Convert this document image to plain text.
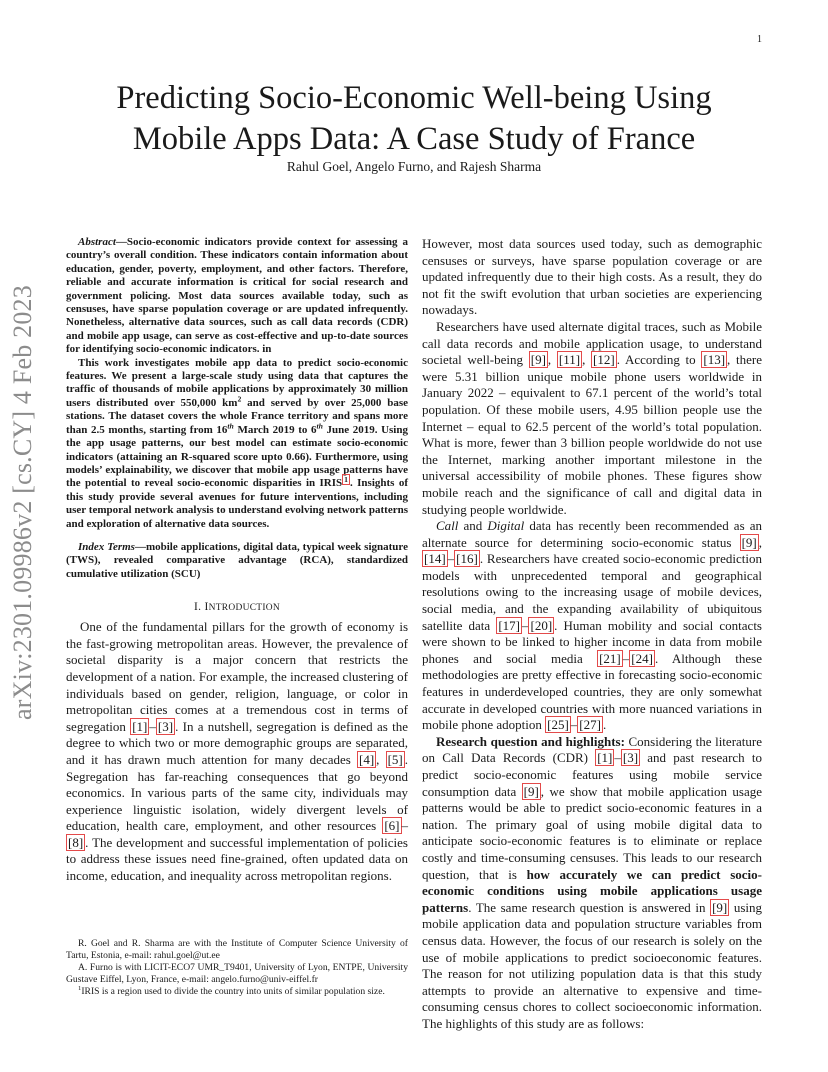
1
arXiv:2301.09986v2 [cs.CY] 4 Feb 2023
Predicting Socio-Economic Well-being Using
Mobile Apps Data: A Case Study of France
Rahul Goel, Angelo Furno, and Rajesh Sharma

Abstract—Socio-economic indicators provide context for assessing a country’s overall condition. These indicators contain information about education, gender, poverty, employment, and other factors. Therefore, reliable and accurate information is critical for social research and government policing. Most data sources available today, such as censuses, have sparse population coverage or are updated infrequently. Nonetheless, alternative data sources, such as call data records (CDR) and mobile app usage, can serve as cost-effective and up-to-date sources for identifying socio-economic indicators. in

This work investigates mobile app data to predict socio-economic features. We present a large-scale study using data that captures the traffic of thousands of mobile applications by approximately 30 million users distributed over 550,000 $km^2$ and served by over 25,000 base stations. The dataset covers the whole France territory and spans more than 2.5 months, starting from 16th March 2019 to 6th June 2019. Using the app usage patterns, our best model can estimate socio-economic indicators (attaining an R-squared score upto 0.66). Furthermore, using models’ explainability, we discover that mobile app usage patterns have the potential to reveal socio-economic disparities in IRIS $^1$ . Insights of this study provide several avenues for future interventions, including user temporal network analysis to understand evolving network patterns and exploration of alternative data sources.

Index Terms—mobile applications, digital data, typical week signature (TWS), revealed comparative advantage (RCA), standardized cumulative utilization (SCU)

I. INTRODUCTION

One of the fundamental pillars for the growth of economy is the fast-growing metropolitan areas. However, the prevalence of societal disparity is a major concern that restricts the development of a nation. For example, the increased clustering of individuals based on gender, religion, language, or color in metropolitan cities comes at a tremendous cost in terms of segregation [1] – [3] . In a nutshell, segregation is defined as the degree to which two or more demographic groups are separated, and it has drawn much attention for many decades [4] , [5] . Segregation has far-reaching consequences that go beyond economics. In various parts of the same city, individuals may experience linguistic isolation, widely divergent levels of education, health care, employment, and other resources [6] –[8] . The development and successful implementation of policies to address these issues need fine-grained, often updated data on income, education, and inequality across metropolitan regions.

R. Goel and R. Sharma are with the Institute of Computer Science University of Tartu, Estonia, e-mail: rahul.goel@ut.ee

A. Furno is with LICIT-ECO7 UMR_T9401, University of Lyon, ENTPE, University Gustave Eiffel, Lyon, France, e-mail: angelo.furno@univ-eiffel.fr

$^1$IRIS is a region used to divide the country into units of similar population size.

However, most data sources used today, such as demographic censuses or surveys, have sparse population coverage or are updated infrequently due to their high costs. As a result, they do not fit the swift evolution that urban societies are experiencing nowadays.

Researchers have used alternate digital traces, such as Mobile call data records and mobile application usage, to understand societal well-being [9] , [11] , [12] . According to [13] , there were 5.31 billion unique mobile phone users worldwide in January 2022 – equivalent to 67.1 percent of the world’s total population. Of these mobile users, 4.95 billion people use the Internet – equal to 62.5 percent of the world’s total population. What is more, fewer than 3 billion people worldwide do not use the Internet, marking another important milestone in the universal accessibility of mobile phones. These figures show mobile reach and the significance of call and digital data in studying people worldwide.

Call and Digital data has recently been recommended as an alternate source for determining socio-economic status [9] , [14] – [16] . Researchers have created socio-economic prediction models with unprecedented temporal and geographical resolutions owing to the increasing usage of mobile devices, social media, and the expanding availability of ubiquitous satellite data [17] – [20] . Human mobility and social contacts were shown to be linked to higher income in data from mobile phones and social media [21] – [24] . Although these methodologies are pretty effective in forecasting socio-economic features in underdeveloped countries, they are only somewhat accurate in developed countries with more nuanced variations in mobile phone adoption [25] – [27] .

Research question and highlights: Considering the literature on Call Data Records (CDR) [1] – [3] and past research to predict socio-economic features using mobile service consumption data [9] , we show that mobile application usage patterns would be able to predict socio-economic features in a nation. The primary goal of using mobile digital data to anticipate socio-economic features is to eliminate or replace costly and time-consuming censuses. This leads to our research question, that is how accurately we can predict socio-economic conditions using mobile applications usage patterns. The same research question is answered in [9] using mobile application data and population structure variables from census data. However, the focus of our research is solely on the use of mobile applications to predict socioeconomic features. The reason for not utilizing population data is that this study attempts to provide an alternative to expensive and time-consuming census chores to collect socioeconomic information. The highlights of this study are as follows:
